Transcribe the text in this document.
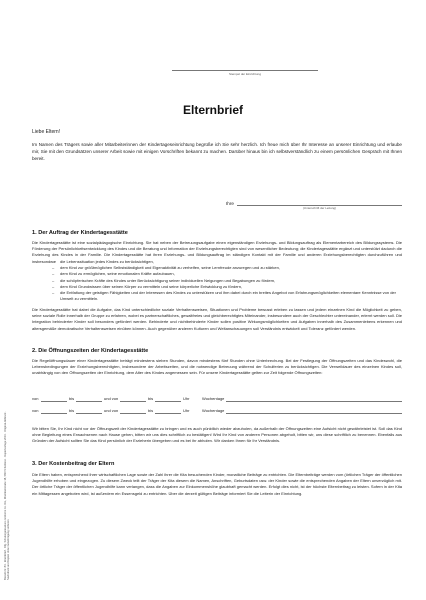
Stempel der Einrichtung
Elternbrief
Liebe Eltern!

Im Namen des Trägers sowie aller Mitarbeiterinnen der Kindertageseinrichtung begrüße ich Sie sehr herzlich. Ich freue mich über Ihr Interesse an unserer Einrichtung und erlaube mir, Sie mit den Grundsätzen unserer Arbeit sowie mit einigen Vorschriften bekannt zu machen. Darüber hinaus bin ich selbstverständlich zu einem persönlichen Gespräch mit Ihnen bereit.

Ihre
(Unterschrift der Leitung)
Bestell-Nr. 84 · Elternbrief · Rfg. Schulorganisations GmbH & Co. KG, Rheinberstraße 18, 56073 Koblenz · Kopiervorlage 2013 · Original-Abbruck · Nachdruck und Kopien ohne Genehmigung verboten
1. Der Auftrag der Kindertagesstätte

Die Kindertagesstätte ist eine sozialpädagogische Einrichtung. Sie hat neben der Betreuungsaufgabe einen eigenständigen Erziehungs- und Bildungsauftrag als Elementarbereich des Bildungssystems. Die Förderung der Persönlichkeitsentwicklung des Kindes und die Beratung und Information der Erziehungsberechtigten sind von wesentlicher Bedeutung; die Kindertagesstätte ergänzt und unterstützt dadurch die Erziehung des Kindes in der Familie. Die Kindertagesstätte hat ihren Erziehungs- und Bildungsauftrag im ständigen Kontakt mit der Familie und anderen Erziehungsberechtigten durchzuführen und insbesondere

– die Lebenssituation jedes Kindes zu berücksichtigen,
– dem Kind zur größtmöglichen Selbstständigkeit und Eigenaktivität zu verhelfen, seine Lernfreude anzuregen und zu stärken,
– dem Kind zu ermöglichen, seine emotionalen Kräfte aufzubauen,
– die schöpferischen Kräfte des Kindes unter Berücksichtigung seiner individuellen Neigungen und Begabungen zu fördern,
– dem Kind Grundwissen über seinen Körper zu vermitteln und seine körperliche Entwicklung zu fördern,
– die Entfaltung der geistigen Fähigkeiten und der Interessen des Kindes zu unterstützen und ihm dabei durch ein breites Angebot von Erfahrungsmöglichkeiten elementare Kenntnisse von der Umwelt zu vermitteln.

Die Kindertagesstätte hat dabei die Aufgabe, das Kind unterschiedliche soziale Verhaltensweisen, Situationen und Probleme bewusst erleben zu lassen und jedem einzelnen Kind die Möglichkeit zu geben, seine soziale Rolle innerhalb der Gruppe zu erfahren, wobei es partnerschaftliches, gewaltfreies und gleichberechtigtes Miteinander, insbesondere auch der Geschlechter untereinander, erlernt werden soll. Die Integration behinderter Kinder soll besonders gefördert werden. Behinderte und nichtbehinderte Kinder sollen positive Wirkungsmöglichkeiten und Aufgaben innerhalb des Zusammenlebens erkennen und altersgemäße demokratische Verhaltensweisen einüben können. Auch gegenüber anderen Kulturen und Weltanschauungen soll Verständnis entwickelt und Toleranz gefördert werden.

2. Die Öffnungszeiten der Kindertagesstätte

Die Regelöffnungsdauer einer Kindertagesstätte beträgt mindestens sieben Stunden, davon mindestens fünf Stunden ohne Unterbrechung. Bei der Festlegung der Öffnungszeiten und das Kindeswohl, die Lebensbedingungen der Erziehungsberechtigten, insbesondere der Arbeitszeiten, und die notwendige Betreuung während der Schulferien zu berücksichtigen. Die Verweildauer des einzelnen Kindes soll, unabhängig von den Öffnungszeiten der Einrichtung, dem Alter des Kindes angemessen sein. Für unsere Kindertagesstätte gelten zur Zeit folgende Öffnungszeiten:

von	bis	und von	bis	Uhr	Wochentage
von	bis	und von	bis	Uhr	Wochentage

Wir bitten Sie, Ihr Kind nicht vor der Öffnungszeit der Kindertagesstätte zu bringen und es auch pünktlich wieder abzuholen, da außerhalb der Öffnungszeiten eine Aufsicht nicht gewährleistet ist. Soll das Kind ohne Begleitung eines Erwachsenen nach Hause gehen, bitten wir uns dies schriftlich zu bestätigen! Wird Ihr Kind von anderen Personen abgeholt, bitten wir, uns diese schriftlich zu benennen. Ebenfalls aus Gründen der Aufsicht sollten Sie das Kind persönlich der Erzieherin übergeben und es bei ihr abholen. Wir danken Ihnen für Ihr Verständnis.

3. Der Kostenbeitrag der Eltern

Die Eltern haben, entsprechend ihrer wirtschaftlichen Lage sowie der Zahl ihrer die Kita besuchenden Kinder, monatliche Beiträge zu entrichten. Die Elternbeiträge werden vom (örtlichen Träger der öffentlichen Jugendhilfe erhoben und eingezogen. Zu diesem Zweck teilt der Träger der Kita diesem die Namen, Anschriften, Geburtsdaten usw. der Kinder sowie die entsprechenden Angaben der Eltern unverzüglich mit. Der örtliche Träger der öffentlichen Jugendhilfe kann verlangen, dass die Angaben zur Einkommenshöhe glaubhaft gemacht werden. Erfolgt dies nicht, ist der höchste Elternbeitrag zu leisten. Sofern in der Kita ein Mittagessen angeboten wird, ist außerdem ein Essensgeld zu entrichten. Über die derzeit gültigen Beiträge informiert Sie die Leiterin der Einrichtung.
